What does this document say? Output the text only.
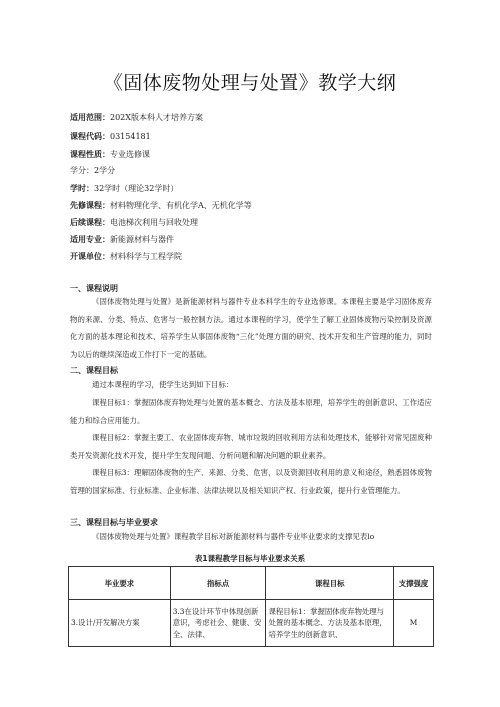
《固体废物处理与处置》教学大纲
适用范围：202X版本科人才培养方案
课程代码：03154181
课程性质：专业选修课
学分：2学分
学时：32学时（理论32学时）
先修课程：材料物理化学、有机化学A、无机化学等
后续课程：电池梯次利用与回收处理
适用专业：新能源材料与器件
开课单位：材料科学与工程学院
一、课程说明
《固体废物处理与处置》是新能源材料与器件专业本科学生的专业选修课。本课程主要是学习固体废弃物的来源、分类、特点、危害与一般控制方法。通过本课程的学习，使学生了解工业固体废物污染控制及资源化方面的基本理论和技术、培养学生从事固体废物“三化”处理方面的研究、技术开发和生产管理的能力，同时为以后的继续深造或工作打下一定的基础。
二、课程目标
通过本课程的学习，使学生达到如下目标：
课程目标1：掌握固体废弃物处理与处置的基本概念、方法及基本原理，培养学生的创新意识、工作适应能力和综合应用能力。
课程目标2：掌握主要工、农业固体废弃物、城市垃圾的回收利用方法和处理技术，能够针对常见固废种类开发资源化技术开发，提升学生发现问题、分析问题和解决问题的职业素养。
课程目标3：理解固体废物的生产、来源、分类、危害，以及资源回收利用的意义和途径，熟悉固体废物管理的国家标准、行业标准、企业标准、法律法规以及相关知识产权、行业政策，提升行业管理能力。
三、课程目标与毕业要求
《固体废物处理与处置》课程教学目标对新能源材料与器件专业毕业要求的支撑见表lo
表1课程教学目标与毕业要求关系
毕业要求	指标点	课程目标	支撑强度
3.设计/开发解决方案	3.3在设计环节中体现创新意识，考虑社会、健康、安全、法律、	课程目标1：掌握固体废弃物处理与处置的基本概念、方法及基本原理，培养学生的创新意识、	M
